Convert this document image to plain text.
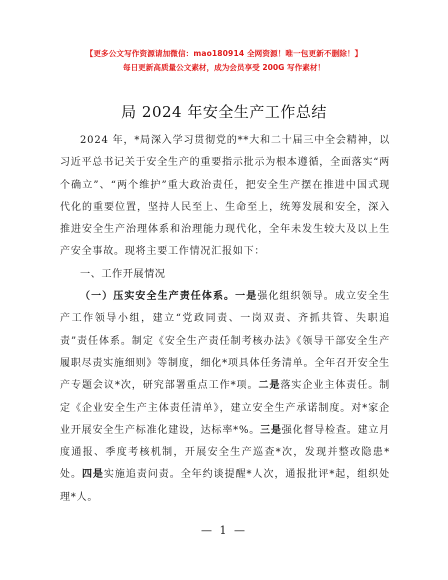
【更多公文写作资源请加微信：mao180914 全网资源！唯一包更新不删除！】
每日更新高质量公文素材，成为会员享受 200G 写作素材！
局 2024 年安全生产工作总结

2024 年，*局深入学习贯彻党的**大和二十届三中全会精神，以习近平总书记关于安全生产的重要指示批示为根本遵循，全面落实“两个确立”、“两个维护”重大政治责任，把安全生产摆在推进中国式现代化的重要位置，坚持人民至上、生命至上，统筹发展和安全，深入推进安全生产治理体系和治理能力现代化，全年未发生较大及以上生产安全事故。现将主要工作情况汇报如下：

一、工作开展情况

（一）压实安全生产责任体系。一是强化组织领导。成立安全生产工作领导小组，建立“党政同责、一岗双责、齐抓共管、失职追责”责任体系。制定《安全生产责任制考核办法》《领导干部安全生产履职尽责实施细则》等制度，细化*项具体任务清单。全年召开安全生产专题会议*次，研究部署重点工作*项。二是落实企业主体责任。制定《企业安全生产主体责任清单》，建立安全生产承诺制度。对*家企业开展安全生产标准化建设，达标率*%。三是强化督导检查。建立月度通报、季度考核机制，开展安全生产巡查*次，发现并整改隐患*处。四是实施追责问责。全年约谈提醒*人次，通报批评*起，组织处理*人。

— 1 —
